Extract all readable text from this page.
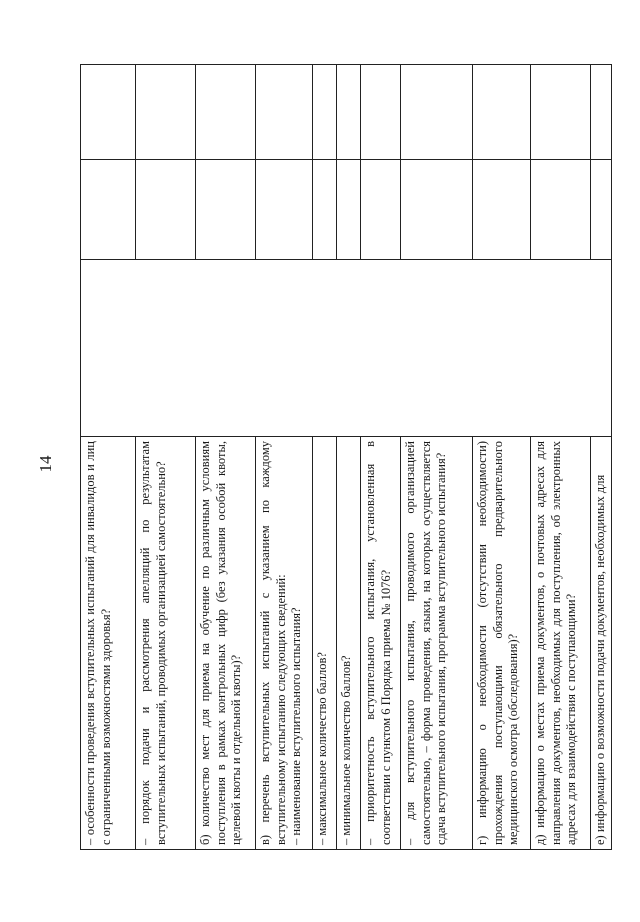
14 – особенности проведения вступительных испытаний для инвалидов и лиц с ограниченными возможностями здоровья?			
– порядок подачи и рассмотрения апелляций по результатам вступительных испытаний, проводимых организацией самостоятельно?			
б) количество мест для приема на обучение по различным условиям поступления в рамках контрольных цифр (без указания особой квоты, целевой квоты и отдельной квоты)?			
в) перечень вступительных испытаний с указанием по каждому вступительному испытанию следующих сведений:
– наименование вступительного испытания?			
– максимальное количество баллов?			
– минимальное количество баллов?			
– приоритетность вступительного испытания, установленная в соответствии с пунктом 6 Порядка приема № 1076?			
– для вступительного испытания, проводимого организацией самостоятельно, – форма проведения, языки, на которых осуществляется сдача вступительного испытания, программа вступительного испытания?			
г) информацию о необходимости (отсутствии необходимости) прохождения поступающими обязательного предварительного медицинского осмотра (обследования)?			
д) информацию о местах приема документов, о почтовых адресах для направления документов, необходимых для поступления, об электронных адресах для взаимодействия с поступающими?			
е) информацию о возможности подачи документов, необходимых для			
